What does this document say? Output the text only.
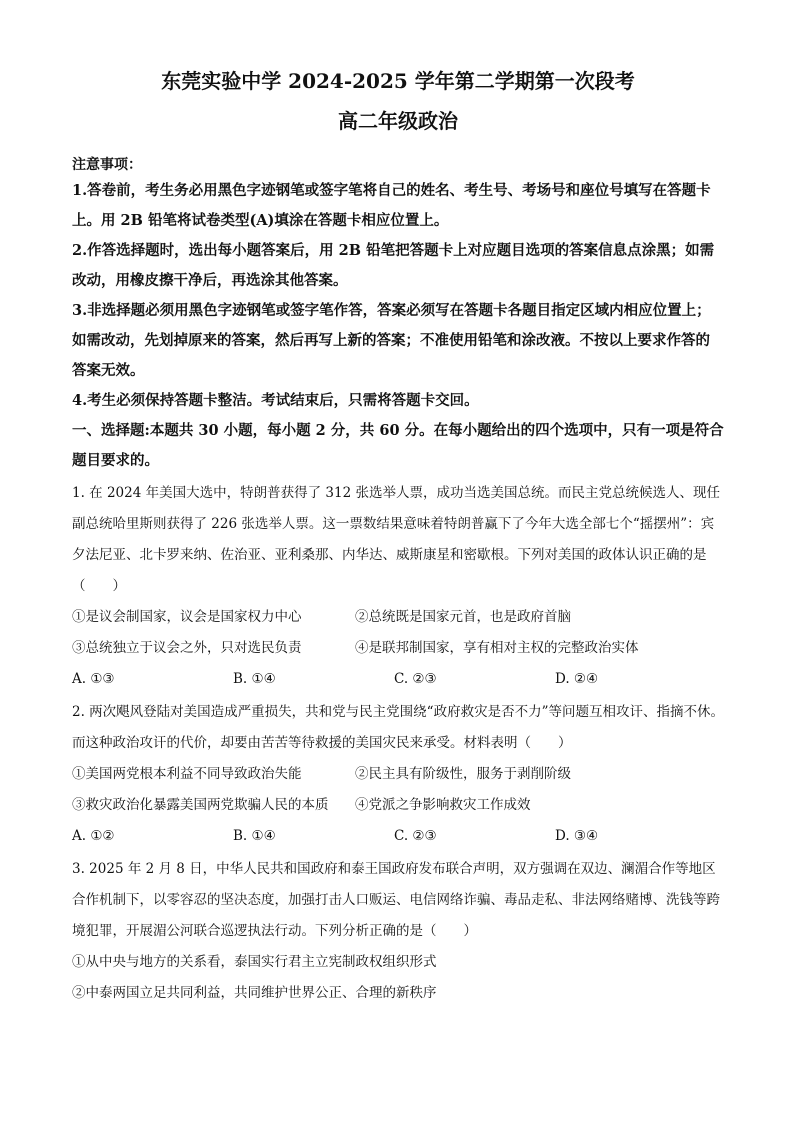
东莞实验中学 2024-2025 学年第二学期第一次段考
高二年级政治
注意事项：

1.答卷前，考生务必用黑色字迹钢笔或签字笔将自己的姓名、考生号、考场号和座位号填写在答题卡上。用 2B 铅笔将试卷类型(A)填涂在答题卡相应位置上。

2.作答选择题时，选出每小题答案后，用 2B 铅笔把答题卡上对应题目选项的答案信息点涂黑；如需改动，用橡皮擦干净后，再选涂其他答案。

3.非选择题必须用黑色字迹钢笔或签字笔作答，答案必须写在答题卡各题目指定区域内相应位置上；如需改动，先划掉原来的答案，然后再写上新的答案；不准使用铅笔和涂改液。不按以上要求作答的答案无效。

4.考生必须保持答题卡整洁。考试结束后，只需将答题卡交回。

一、选择题:本题共 30 小题，每小题 2 分，共 60 分。在每小题给出的四个选项中，只有一项是符合题目要求的。

1. 在 2024 年美国大选中，特朗普获得了 312 张选举人票，成功当选美国总统。而民主党总统候选人、现任副总统哈里斯则获得了 226 张选举人票。这一票数结果意味着特朗普赢下了今年大选全部七个“摇摆州”：宾夕法尼亚、北卡罗来纳、佐治亚、亚利桑那、内华达、威斯康星和密歇根。下列对美国的政体认识正确的是（　　）

①是议会制国家，议会是国家权力中心	②总统既是国家元首，也是政府首脑
③总统独立于议会之外，只对选民负责	④是联邦制国家，享有相对主权的完整政治实体
A. ①③	B. ①④	C. ②③	D. ②④

2. 两次飓风登陆对美国造成严重损失，共和党与民主党围绕“政府救灾是否不力”等问题互相攻讦、指摘不休。而这种政治攻讦的代价，却要由苦苦等待救援的美国灾民来承受。材料表明（　　）

①美国两党根本利益不同导致政治失能	②民主具有阶级性，服务于剥削阶级
③救灾政治化暴露美国两党欺骗人民的本质	④党派之争影响救灾工作成效
A. ①②	B. ①④	C. ②③	D. ③④

3. 2025 年 2 月 8 日，中华人民共和国政府和泰王国政府发布联合声明，双方强调在双边、澜湄合作等地区合作机制下，以零容忍的坚决态度，加强打击人口贩运、电信网络诈骗、毒品走私、非法网络赌博、洗钱等跨境犯罪，开展湄公河联合巡逻执法行动。下列分析正确的是（　　）

①从中央与地方的关系看，泰国实行君主立宪制政权组织形式
②中泰两国立足共同利益，共同维护世界公正、合理的新秩序
